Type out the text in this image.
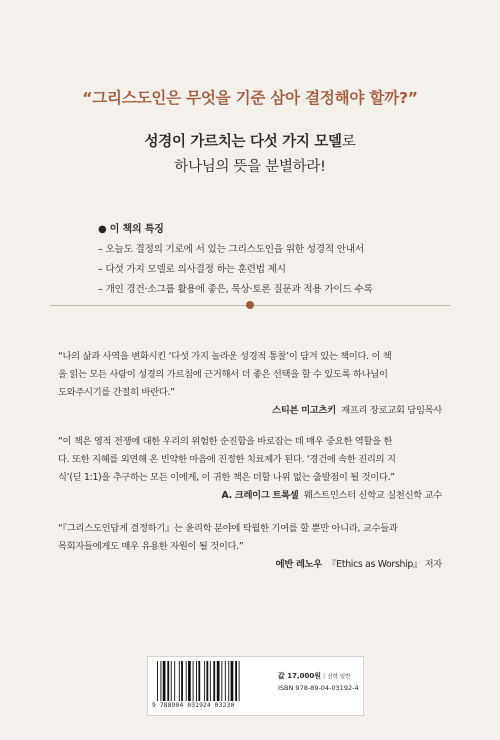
“그리스도인은 무엇을 기준 삼아 결정해야 할까?”
성경이 가르치는 다섯 가지 모델로
하나님의 뜻을 분별하라!
● 이 책의 특징
– 오늘도 결정의 기로에 서 있는 그리스도인을 위한 성경적 안내서
– 다섯 가지 모델로 의사결정 하는 훈련법 제시
– 개인 경건·소그룹 활용에 좋은, 묵상·토론 질문과 적용 가이드 수록
“나의 삶과 사역을 변화시킨 ‘다섯 가지 놀라운 성경적 통찰’이 담겨 있는 책이다. 이 책
을 읽는 모든 사람이 성경의 가르침에 근거해서 더 좋은 선택을 할 수 있도록 하나님이
도와주시기를 간절히 바란다.”
스티븐 미고츠키 재프리 장로교회 담임목사
“이 책은 영적 전쟁에 대한 우리의 위험한 순진함을 바로잡는 데 매우 중요한 역할을 한
다. 또한 지혜를 외면해 온 빈약한 마음에 진정한 치료제가 된다. ‘경건에 속한 진리의 지
식’(딛 1:1)을 추구하는 모든 이에게, 이 귀한 책은 더할 나위 없는 출발점이 될 것이다.”
A. 크레이그 트록셀 웨스트민스터 신학교 실천신학 교수
“『그리스도인답게 결정하기』는 윤리학 분야에 탁월한 기여를 할 뿐만 아니라, 교수들과
목회자들에게도 매우 유용한 자원이 될 것이다.”
에반 레노우 『Ethics as Worship』 저자
9 788904 031924 03230
값 17,000원 | 신학 일반
ISBN 978-89-04-03192-4
